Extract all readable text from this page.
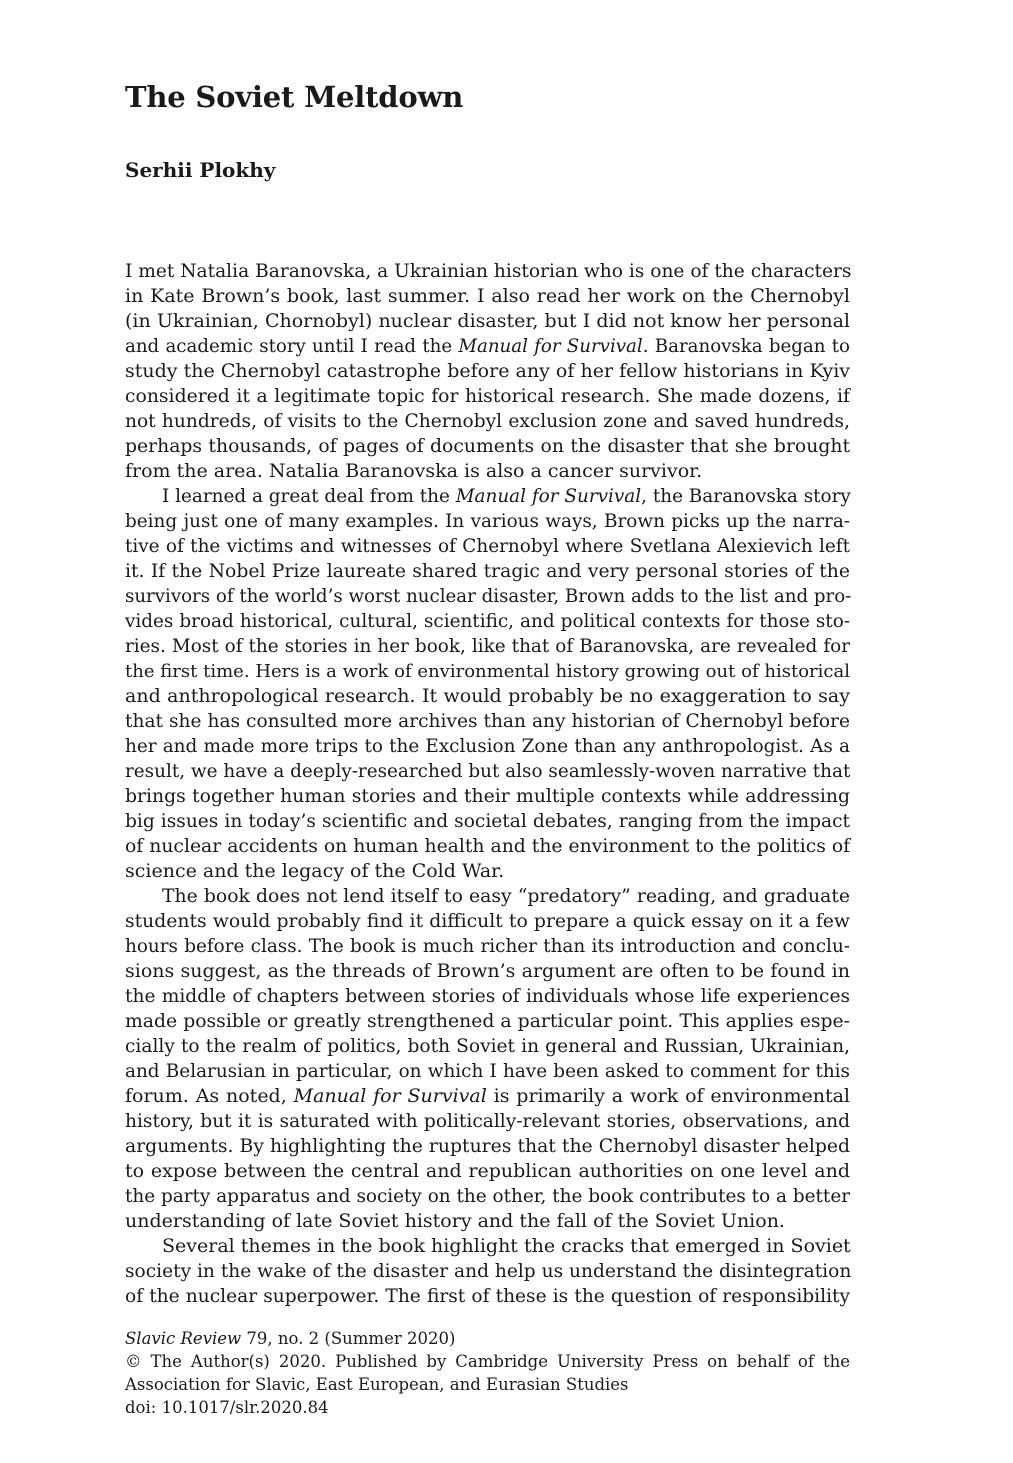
The Soviet Meltdown
Serhii Plokhy
I met Natalia Baranovska, a Ukrainian historian who is one of the characters
in Kate Brown’s book, last summer. I also read her work on the Chernobyl
(in Ukrainian, Chornobyl) nuclear disaster, but I did not know her personal
and academic story until I read the Manual for Survival. Baranovska began to
study the Chernobyl catastrophe before any of her fellow historians in Kyiv
considered it a legitimate topic for historical research. She made dozens, if
not hundreds, of visits to the Chernobyl exclusion zone and saved hundreds,
perhaps thousands, of pages of documents on the disaster that she brought
from the area. Natalia Baranovska is also a cancer survivor.
I learned a great deal from the Manual for Survival, the Baranovska story
being just one of many examples. In various ways, Brown picks up the narra-
tive of the victims and witnesses of Chernobyl where Svetlana Alexievich left
it. If the Nobel Prize laureate shared tragic and very personal stories of the
survivors of the world’s worst nuclear disaster, Brown adds to the list and pro-
vides broad historical, cultural, scientific, and political contexts for those sto-
ries. Most of the stories in her book, like that of Baranovska, are revealed for
the first time. Hers is a work of environmental history growing out of historical
and anthropological research. It would probably be no exaggeration to say
that she has consulted more archives than any historian of Chernobyl before
her and made more trips to the Exclusion Zone than any anthropologist. As a
result, we have a deeply-researched but also seamlessly-woven narrative that
brings together human stories and their multiple contexts while addressing
big issues in today’s scientific and societal debates, ranging from the impact
of nuclear accidents on human health and the environment to the politics of
science and the legacy of the Cold War.
The book does not lend itself to easy “predatory” reading, and graduate
students would probably find it difficult to prepare a quick essay on it a few
hours before class. The book is much richer than its introduction and conclu-
sions suggest, as the threads of Brown’s argument are often to be found in
the middle of chapters between stories of individuals whose life experiences
made possible or greatly strengthened a particular point. This applies espe-
cially to the realm of politics, both Soviet in general and Russian, Ukrainian,
and Belarusian in particular, on which I have been asked to comment for this
forum. As noted, Manual for Survival is primarily a work of environmental
history, but it is saturated with politically-relevant stories, observations, and
arguments. By highlighting the ruptures that the Chernobyl disaster helped
to expose between the central and republican authorities on one level and
the party apparatus and society on the other, the book contributes to a better
understanding of late Soviet history and the fall of the Soviet Union.
Several themes in the book highlight the cracks that emerged in Soviet
society in the wake of the disaster and help us understand the disintegration
of the nuclear superpower. The first of these is the question of responsibility
Slavic Review 79, no. 2 (Summer 2020)
© The Author(s) 2020. Published by Cambridge University Press on behalf of the
Association for Slavic, East European, and Eurasian Studies
doi: 10.1017/slr.2020.84
